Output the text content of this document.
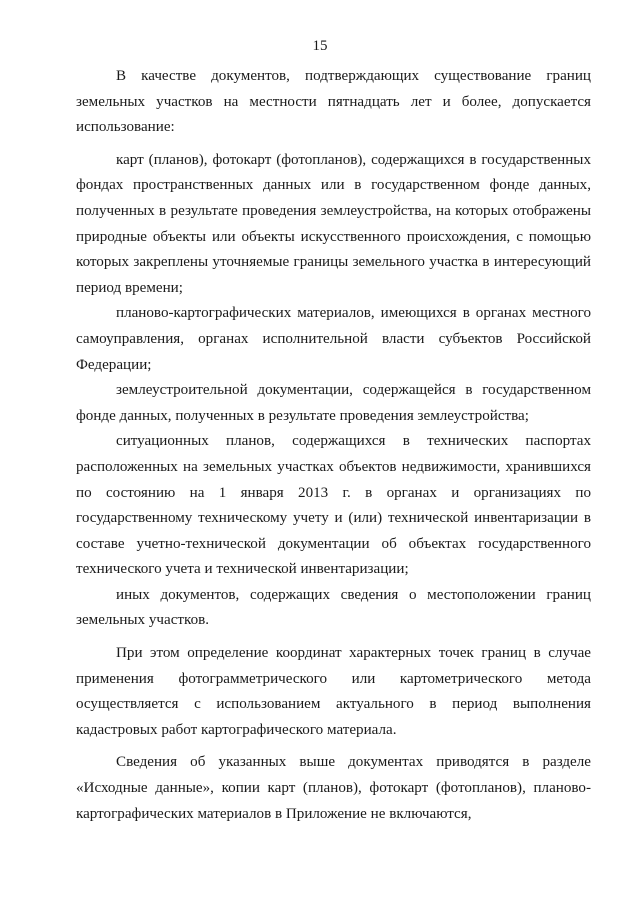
15

В качестве документов, подтверждающих существование границ земельных участков на местности пятнадцать лет и более, допускается использование:

карт (планов), фотокарт (фотопланов), содержащихся в государственных фондах пространственных данных или в государственном фонде данных, полученных в результате проведения землеустройства, на которых отображены природные объекты или объекты искусственного происхождения, с помощью которых закреплены уточняемые границы земельного участка в интересующий период времени;

планово-картографических материалов, имеющихся в органах местного самоуправления, органах исполнительной власти субъектов Российской Федерации;

землеустроительной документации, содержащейся в государственном фонде данных, полученных в результате проведения землеустройства;

ситуационных планов, содержащихся в технических паспортах расположенных на земельных участках объектов недвижимости, хранившихся по состоянию на 1 января 2013 г. в органах и организациях по государственному техническому учету и (или) технической инвентаризации в составе учетно-технической документации об объектах государственного технического учета и технической инвентаризации;

иных документов, содержащих сведения о местоположении границ земельных участков.

При этом определение координат характерных точек границ в случае применения фотограмметрического или картометрического метода осуществляется с использованием актуального в период выполнения кадастровых работ картографического материала.

Сведения об указанных выше документах приводятся в разделе «Исходные данные», копии карт (планов), фотокарт (фотопланов), планово-картографических материалов в Приложение не включаются,
